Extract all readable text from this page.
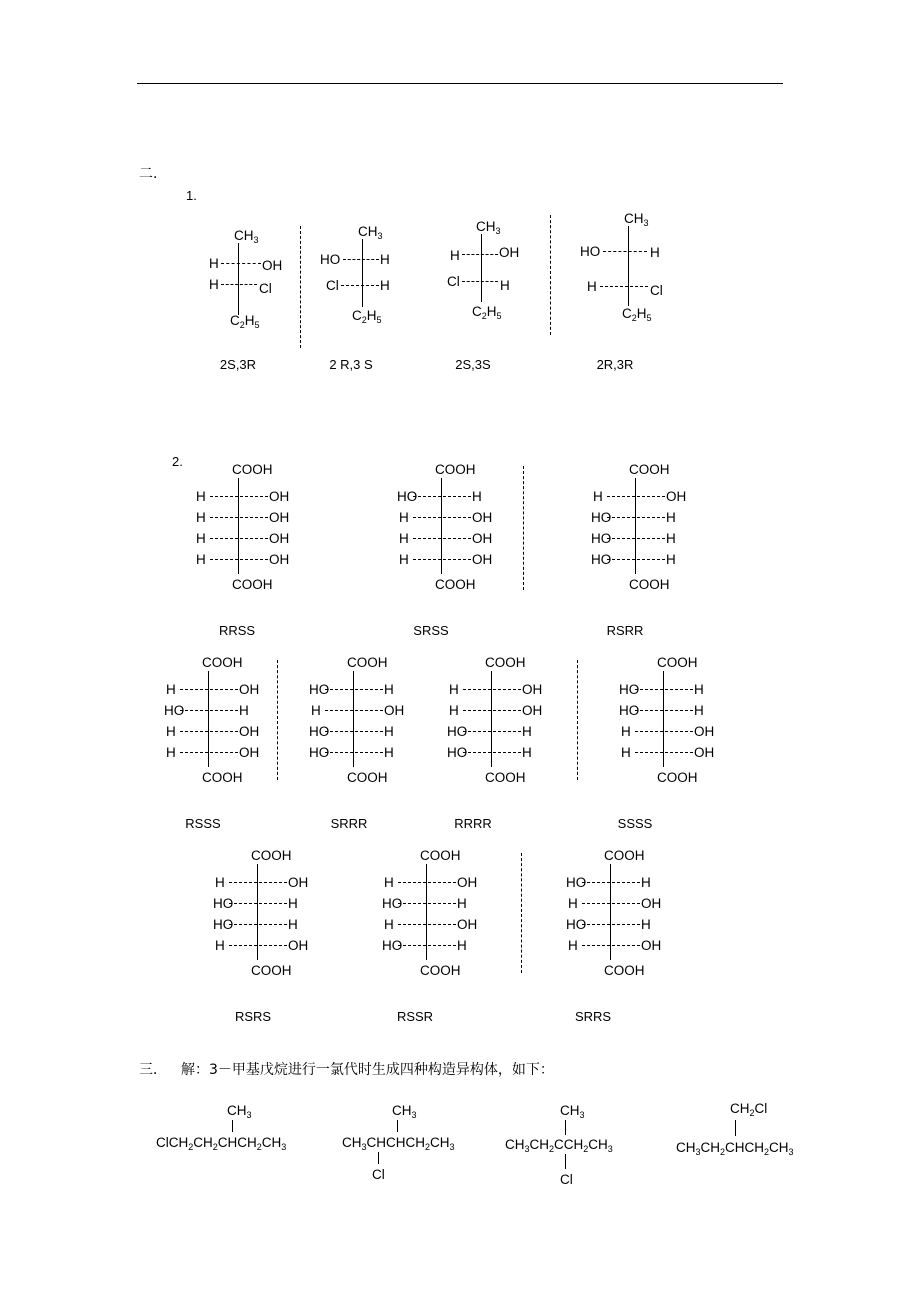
二.
1.
$CH_3$
H	OH
H	Cl
$C_2H_5$
$CH_3$
HO	H
Cl	H
$C_2H_5$
$CH_3$
H	OH
Cl	H
$C_2H_5$
$CH_3$
HO	H
H	Cl
$C_2H_5$
2S,3R	2 R,3 S	2S,3S	2R,3R
2.
COOH
H	OH
H	OH
H	OH
H	OH
COOH
COOH
HO	H
H	OH
H	OH
H	OH
COOH
COOH
H	OH
HO	H
HO	H
HO	H
COOH
COOH
H	OH
HO	H
H	OH
H	OH
COOH
COOH
HO	H
H	OH
HO	H
HO	H
COOH
COOH
H	OH
H	OH
HO	H
HO	H
COOH
COOH
HO	H
HO	H
H	OH
H	OH
COOH
COOH
H	OH
HO	H
HO	H
H	OH
COOH
COOH
H	OH
HO	H
H	OH
HO	H
COOH
COOH
HO	H
H	OH
HO	H
H	OH
COOH
RRSS	SRSS	RSRR
RSSS	SRRR	RRRR	SSSS
RSRS	RSSR	SRRS
三． 解：3－甲基戊烷进行一氯代时生成四种构造异构体，如下：
$CH_3$
$ClCH_2CH_2CHCH_2CH_3$
$CH_3$
$CH_3CHCHCH_2CH_3$
Cl
$CH_3$
$CH_3CH_2CCH_2CH_3$
Cl
$CH_2Cl$
$CH_3CH_2CHCH_2CH_3$
